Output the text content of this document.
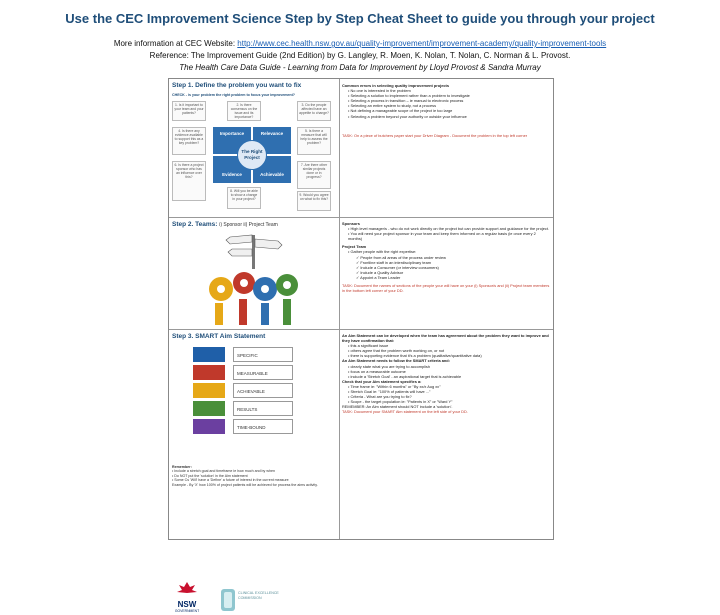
Use the CEC Improvement Science Step by Step Cheat Sheet to guide you through your project
More information at CEC Website: http://www.cec.health.nsw.gov.au/quality-improvement/improvement-academy/quality-improvement-tools
Reference: The Improvement Guide (2nd Edition) by G. Langley, R. Moen, K. Nolan, T. Nolan, C. Norman & L. Provost.
The Health Care Data Guide - Learning from Data for Improvement by Lloyd Provost & Sandra Murray
Step 1. Define the problem you want to fix
CHECK - is your problem the right problem to focus your improvement?
1. Is it important to your team and your patients?
2. Is there consensus on the issue and its importance?
3. Do the people affected have an appetite to change?
4. Is there any evidence available to support this as a key problem?
5. Is there a measure that will help to assess the problem?
6. Is there a project sponsor who has an influence over this?
7. Are there other similar projects done or in progress?
8. Will you be able to show a change in your project?
9. Would you agree on what to fix this?
Importance	Relevance
Evidence	Achievable
The Right Project
Common errors in selecting quality improvement projects
• No one is interested in the problem
• Selecting a solution to implement rather than a problem to investigate
• Selecting a process in transition – ie manual to electronic process
• Selecting an entire system to study, not a process
• Not defining a manageable scope of the project ie too large
• Selecting a problem beyond your authority or outside your influence
TASK: On a piece of butchers paper start your Driver Diagram - Document the problem in the top left corner
Step 2. Teams: i) Sponsor ii) Project Team	Sponsors
• High level manager/s - who do not work directly on the project but can provide support and guidance for the project.
• You will need your project sponsor in your team and keep them informed on a regular basis (ie once every 2 months)
Project Team
• Gather people with the right expertise:
✓ People from all areas of the process under review
✓ Frontline staff in an interdisciplinary team
✓ Include a Consumer (or interview consumers)
✓ Include a Quality Advisor
✓ Appoint a Team Leader
TASK: Document the names of sections of the people your will have on your (i) Sponsor/s and (ii) Project team members in the bottom left corner of your DD.
Step 3. SMART Aim Statement
SPECIFIC
MEASURABLE
ACHIEVABLE
RESULTS
TIME-BOUND
Remember:
• Include a stretch goal and timeframe ie how much and by when
• Do NOT put the 'solution' in the Aim statement
• Some Cs 'Will' have a 'Define' a future of interest in the current measure
Example - By 'X' how 100% of project patients will be achieved for process the aims activity.
An Aim Statement can be developed when the team has agreement about the problem they want to improve and they have confirmation that:
• this a significant issue
• others agree that the problem worth working on, or not
• there is supporting evidence that it's a problem (qualitative/quantitative data)
An Aim Statement needs to follow the SMART criteria and:
• clearly state what you are trying to accomplish
• focus on a measurable outcome
• include a 'Stretch Goal' - an aspirational target that is achievable
Check that your Aim statement specifies a:
• Time frame ie: "Within 6 months" or "By xx/x Aug xx"
• Stretch Goal ie: "100% of patients will have ..."
• Criteria - What are you trying to fix?
• Scope - the target population ie: "Patients in X" or "Ward Y"
REMEMBER: An Aim statement should NOT include a 'solution'.
TASK: Document your SMART Aim statement on the left side of your DD.
NSW
GOVERNMENT
CLINICAL EXCELLENCE COMMISSION
